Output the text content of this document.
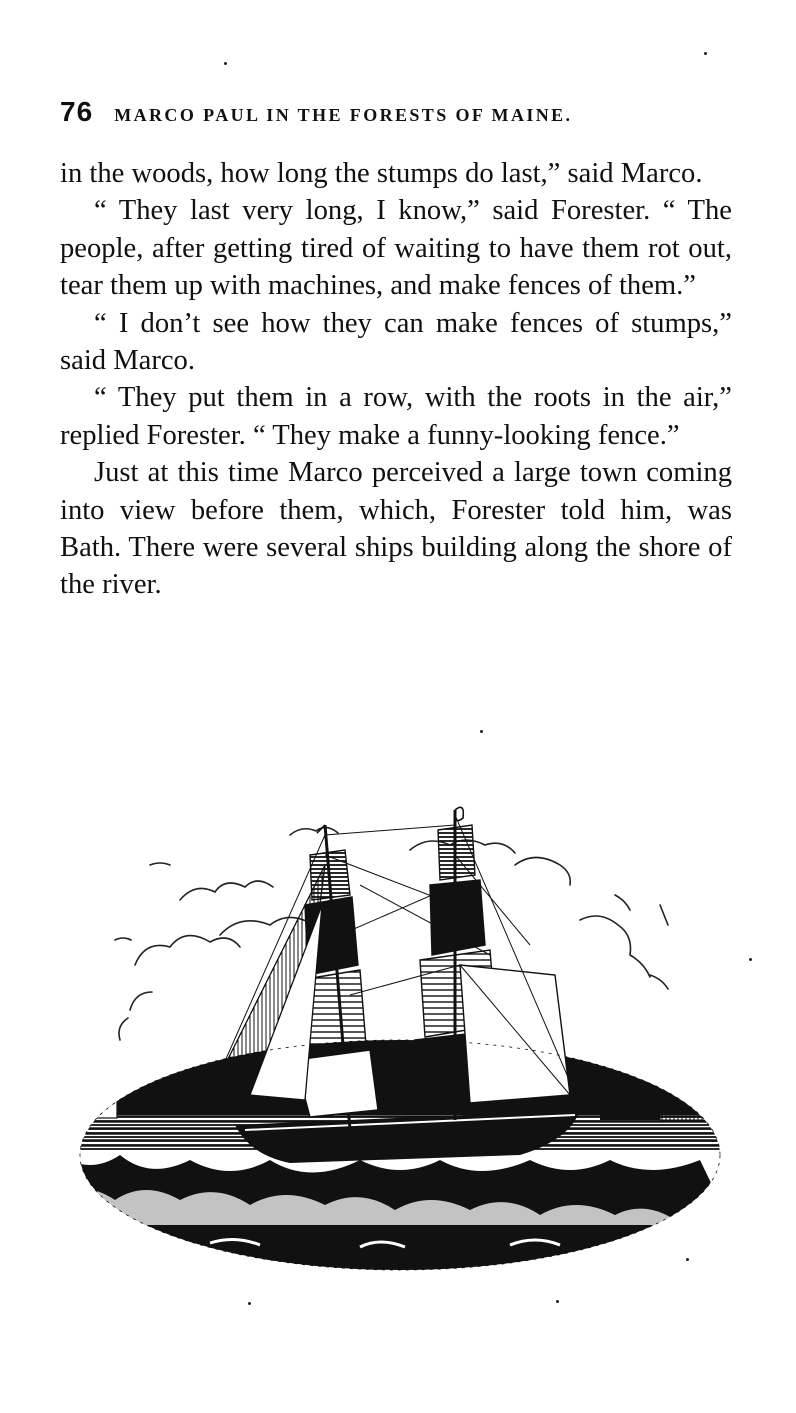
76 MARCO PAUL IN THE FORESTS OF MAINE.

in the woods, how long the stumps do last,” said Marco.

“ They last very long, I know,” said Forester. “ The people, after getting tired of waiting to have them rot out, tear them up with machines, and make fences of them.”

“ I don’t see how they can make fences of stumps,” said Marco.

“ They put them in a row, with the roots in the air,” replied Forester. “ They make a funny-looking fence.”

Just at this time Marco perceived a large town coming into view before them, which, Forester told him, was Bath. There were several ships building along the shore of the river.
